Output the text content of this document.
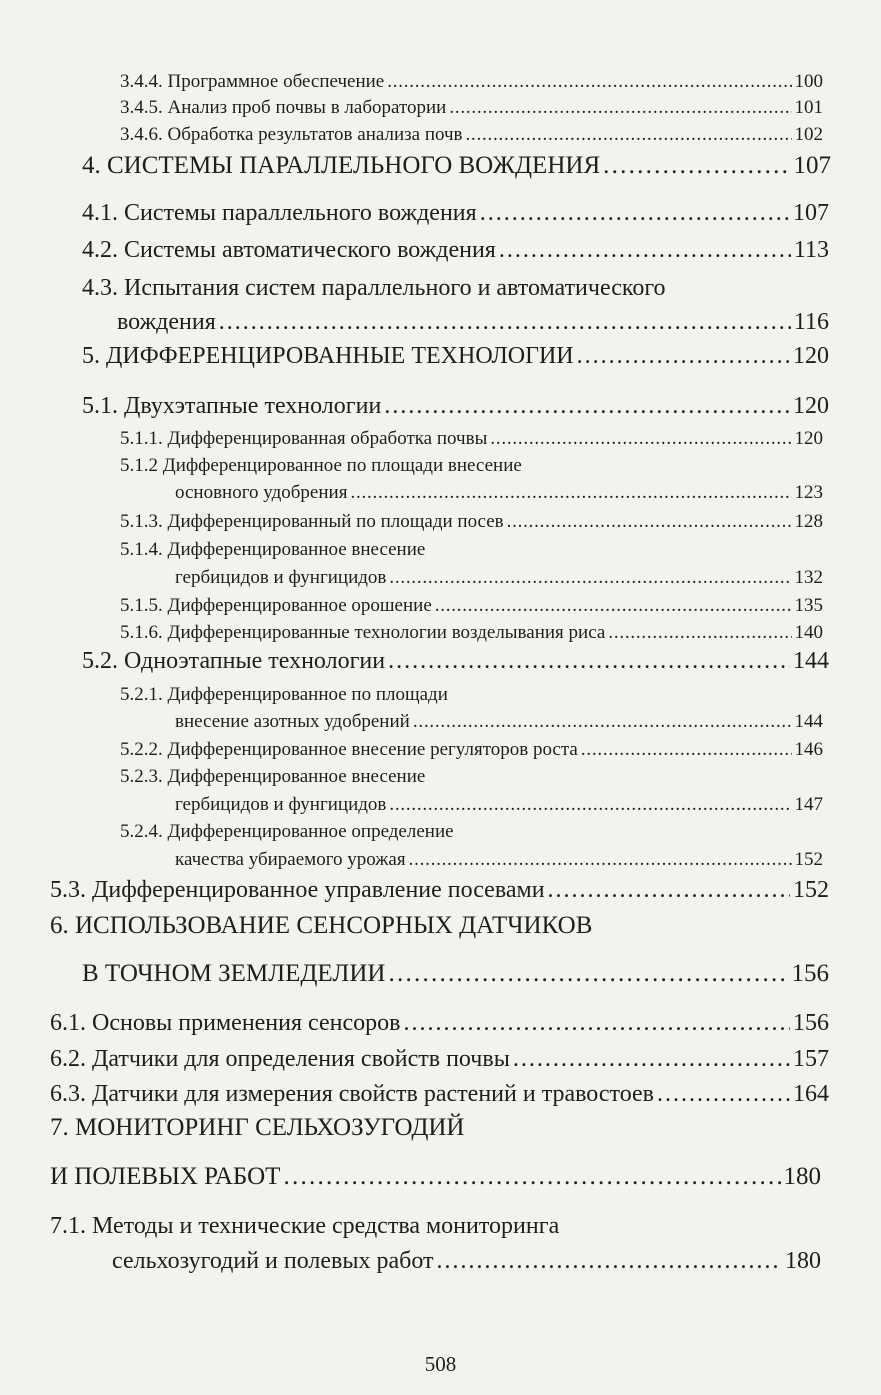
3.4.4. Программное обеспечение . . .	100
3.4.5. Анализ проб почвы в лаборатории . . .	101
3.4.6. Обработка результатов анализа почв . . .	102
4. СИСТЕМЫ ПАРАЛЛЕЛЬНОГО ВОЖДЕНИЯ . . .	107
4.1. Системы параллельного вождения . . .	107
4.2. Системы автоматического вождения . . .	113
4.3. Испытания систем параллельного и автоматического
вождения . . .	116
5. ДИФФЕРЕНЦИРОВАННЫЕ ТЕХНОЛОГИИ . . .	120
5.1. Двухэтапные технологии . . .	120
5.1.1. Дифференцированная обработка почвы . . .	120
5.1.2 Дифференцированное по площади внесение
основного удобрения . . .	123
5.1.3. Дифференцированный по площади посев . . .	128
5.1.4. Дифференцированное внесение
гербицидов и фунгицидов . . .	132
5.1.5. Дифференцированное орошение . . .	135
5.1.6. Дифференцированные технологии возделывания риса . . .	140
5.2. Одноэтапные технологии . . .	144
5.2.1. Дифференцированное по площади
внесение азотных удобрений . . .	144
5.2.2. Дифференцированное внесение регуляторов роста . . .	146
5.2.3. Дифференцированное внесение
гербицидов и фунгицидов . . .	147
5.2.4. Дифференцированное определение
качества убираемого урожая . . .	152
5.3. Дифференцированное управление посевами . . .	152
6. ИСПОЛЬЗОВАНИЕ СЕНСОРНЫХ ДАТЧИКОВ
В ТОЧНОМ ЗЕМЛЕДЕЛИИ . . .	156
6.1. Основы применения сенсоров . . .	156
6.2. Датчики для определения свойств почвы . . .	157
6.3. Датчики для измерения свойств растений и травостоев . . .	164
7. МОНИТОРИНГ СЕЛЬХОЗУГОДИЙ
И ПОЛЕВЫХ РАБОТ . . .	180
7.1. Методы и технические средства мониторинга
сельхозугодий и полевых работ . . .	180
508
